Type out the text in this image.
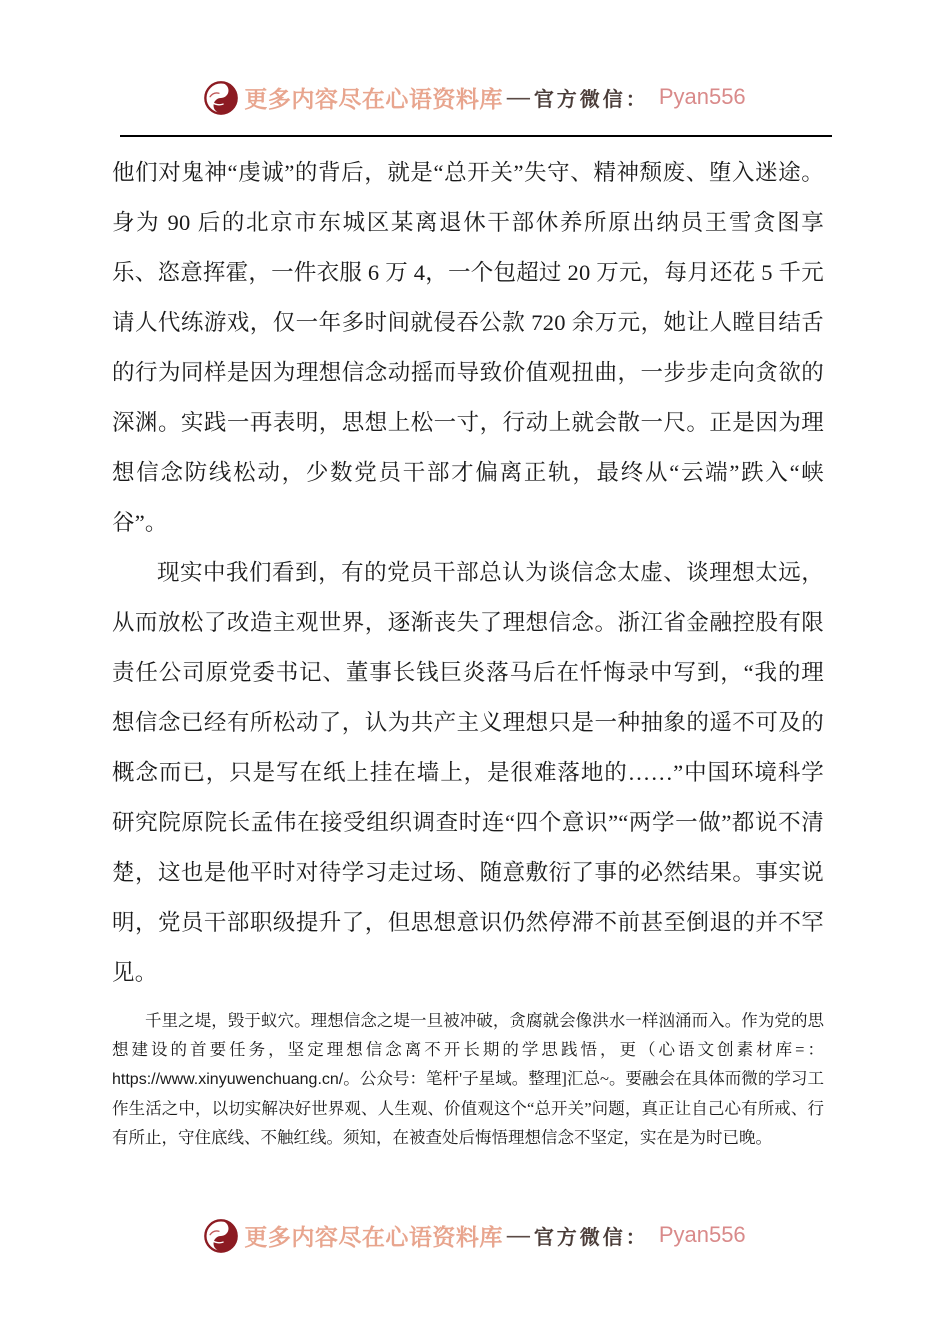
更多内容尽在心语资料库 — 官方微信： Pyan556

他们对鬼神“虔诚”的背后，就是“总开关”失守、精神颓废、堕入迷途。身为 90 后的北京市东城区某离退休干部休养所原出纳员王雪贪图享乐、恣意挥霍，一件衣服 6 万 4，一个包超过 20 万元，每月还花 5 千元请人代练游戏，仅一年多时间就侵吞公款 720 余万元，她让人瞠目结舌的行为同样是因为理想信念动摇而导致价值观扭曲，一步步走向贪欲的深渊。实践一再表明，思想上松一寸，行动上就会散一尺。正是因为理想信念防线松动，少数党员干部才偏离正轨，最终从“云端”跌入“峡谷”。

现实中我们看到，有的党员干部总认为谈信念太虚、谈理想太远，从而放松了改造主观世界，逐渐丧失了理想信念。浙江省金融控股有限责任公司原党委书记、董事长钱巨炎落马后在忏悔录中写到，“我的理想信念已经有所松动了，认为共产主义理想只是一种抽象的遥不可及的概念而已，只是写在纸上挂在墙上，是很难落地的……”中国环境科学研究院原院长孟伟在接受组织调查时连“四个意识”“两学一做”都说不清楚，这也是他平时对待学习走过场、随意敷衍了事的必然结果。事实说明，党员干部职级提升了，但思想意识仍然停滞不前甚至倒退的并不罕见。

千里之堤，毁于蚁穴。理想信念之堤一旦被冲破，贪腐就会像洪水一样汹涌而入。作为党的思想建设的首要任务，坚定理想信念离不开长期的学思践悟，更（心语文创素材库=：https://www.xinyuwenchuang.cn/。公众号：笔杆'子星域。整理]汇总~。要融会在具体而微的学习工作生活之中，以切实解决好世界观、人生观、价值观这个“总开关”问题，真正让自己心有所戒、行有所止，守住底线、不触红线。须知，在被查处后悔悟理想信念不坚定，实在是为时已晚。

更多内容尽在心语资料库 — 官方微信： Pyan556
